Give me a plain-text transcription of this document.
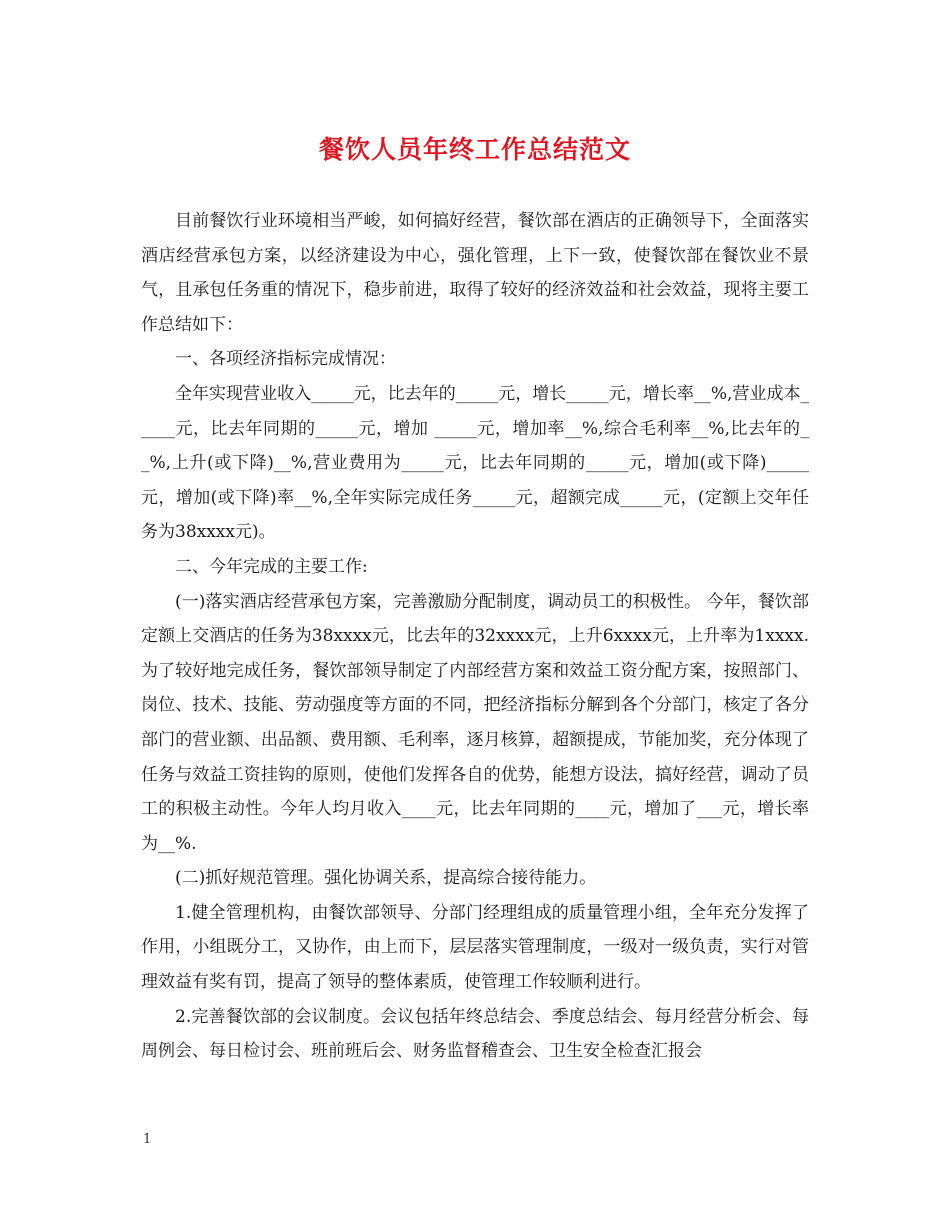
餐饮人员年终工作总结范文

目前餐饮行业环境相当严峻，如何搞好经营，餐饮部在酒店的正确领导下，全面落实酒店经营承包方案，以经济建设为中心，强化管理，上下一致，使餐饮部在餐饮业不景气，且承包任务重的情况下，稳步前进，取得了较好的经济效益和社会效益，现将主要工作总结如下：

一、各项经济指标完成情况：

全年实现营业收入_____元，比去年的_____元，增长_____元，增长率__%,营业成本_____元，比去年同期的_____元，增加 _____元，增加率__%,综合毛利率__%,比去年的__%,上升(或下降)__%,营业费用为_____元，比去年同期的_____元，增加(或下降)_____元，增加(或下降)率__%,全年实际完成任务_____元，超额完成_____元，(定额上交年任务为38xxxx元)。

二、今年完成的主要工作:

(一)落实酒店经营承包方案，完善激励分配制度，调动员工的积极性。 今年，餐饮部定额上交酒店的任务为38xxxx元，比去年的32xxxx元，上升6xxxx元，上升率为1xxxx.为了较好地完成任务，餐饮部领导制定了内部经营方案和效益工资分配方案，按照部门、岗位、技术、技能、劳动强度等方面的不同，把经济指标分解到各个分部门，核定了各分部门的营业额、出品额、费用额、毛利率，逐月核算，超额提成，节能加奖，充分体现了任务与效益工资挂钩的原则，使他们发挥各自的优势，能想方设法，搞好经营，调动了员工的积极主动性。今年人均月收入____元，比去年同期的____元，增加了___元，增长率为__%.

(二)抓好规范管理。强化协调关系，提高综合接待能力。

1.健全管理机构，由餐饮部领导、分部门经理组成的质量管理小组，全年充分发挥了作用，小组既分工，又协作，由上而下，层层落实管理制度，一级对一级负责，实行对管理效益有奖有罚，提高了领导的整体素质，使管理工作较顺利进行。

2.完善餐饮部的会议制度。会议包括年终总结会、季度总结会、每月经营分析会、每周例会、每日检讨会、班前班后会、财务监督稽查会、卫生安全检查汇报会

1
